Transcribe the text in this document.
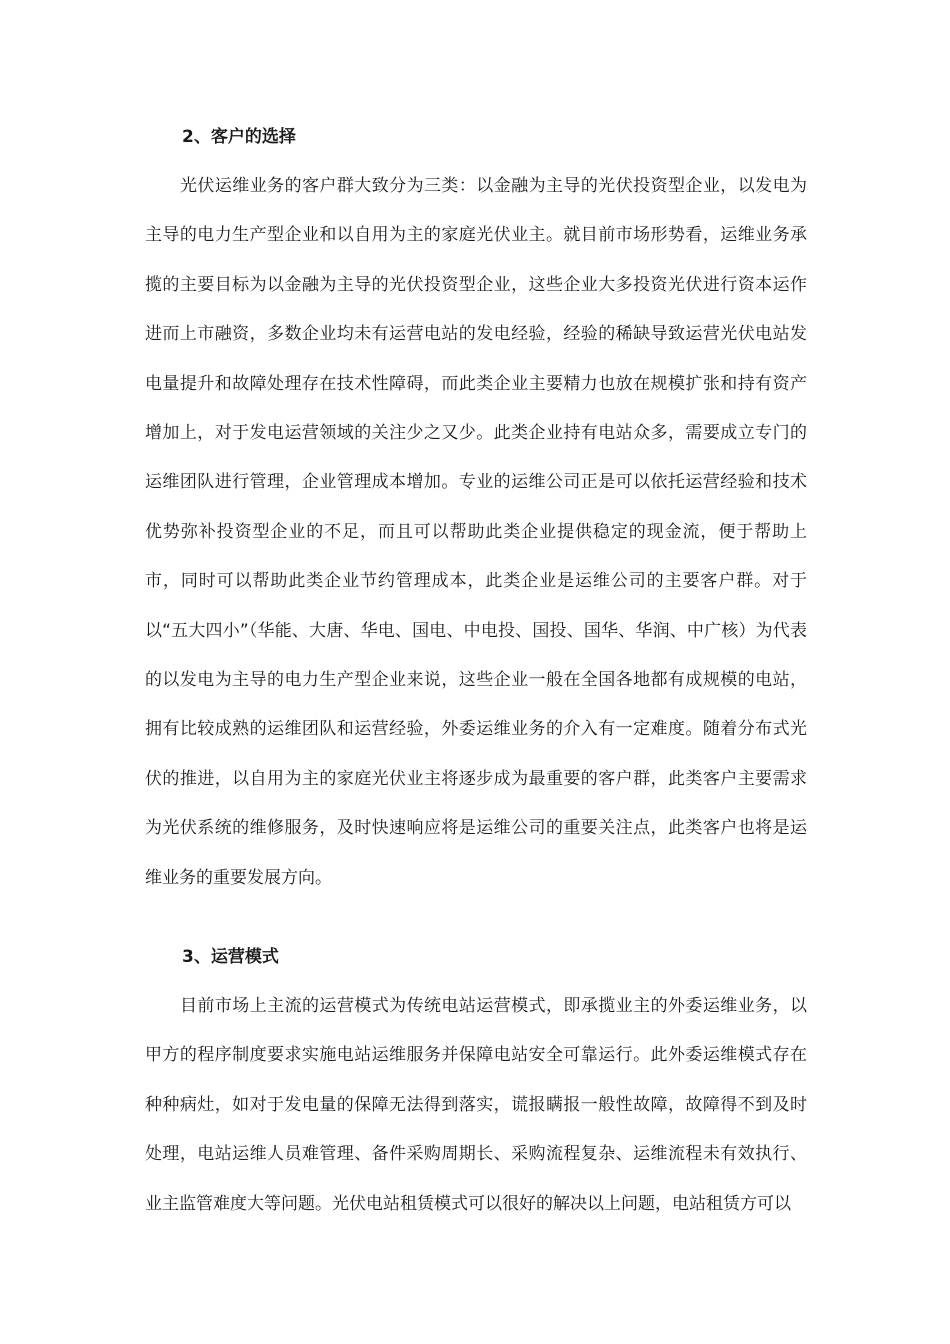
2、客户的选择

光伏运维业务的客户群大致分为三类：以金融为主导的光伏投资型企业，以发电为主导的电力生产型企业和以自用为主的家庭光伏业主。就目前市场形势看，运维业务承揽的主要目标为以金融为主导的光伏投资型企业，这些企业大多投资光伏进行资本运作进而上市融资，多数企业均未有运营电站的发电经验，经验的稀缺导致运营光伏电站发电量提升和故障处理存在技术性障碍，而此类企业主要精力也放在规模扩张和持有资产增加上，对于发电运营领域的关注少之又少。此类企业持有电站众多，需要成立专门的运维团队进行管理，企业管理成本增加。专业的运维公司正是可以依托运营经验和技术优势弥补投资型企业的不足，而且可以帮助此类企业提供稳定的现金流，便于帮助上市，同时可以帮助此类企业节约管理成本，此类企业是运维公司的主要客户群。对于以“五大四小”（华能、大唐、华电、国电、中电投、国投、国华、华润、中广核）为代表的以发电为主导的电力生产型企业来说，这些企业一般在全国各地都有成规模的电站，拥有比较成熟的运维团队和运营经验，外委运维业务的介入有一定难度。随着分布式光伏的推进，以自用为主的家庭光伏业主将逐步成为最重要的客户群，此类客户主要需求为光伏系统的维修服务，及时快速响应将是运维公司的重要关注点，此类客户也将是运维业务的重要发展方向。

3、运营模式

目前市场上主流的运营模式为传统电站运营模式，即承揽业主的外委运维业务，以甲方的程序制度要求实施电站运维服务并保障电站安全可靠运行。此外委运维模式存在种种病灶，如对于发电量的保障无法得到落实，谎报瞒报一般性故障，故障得不到及时处理，电站运维人员难管理、备件采购周期长、采购流程复杂、运维流程未有效执行、业主监管难度大等问题。光伏电站租赁模式可以很好的解决以上问题，电站租赁方可以
